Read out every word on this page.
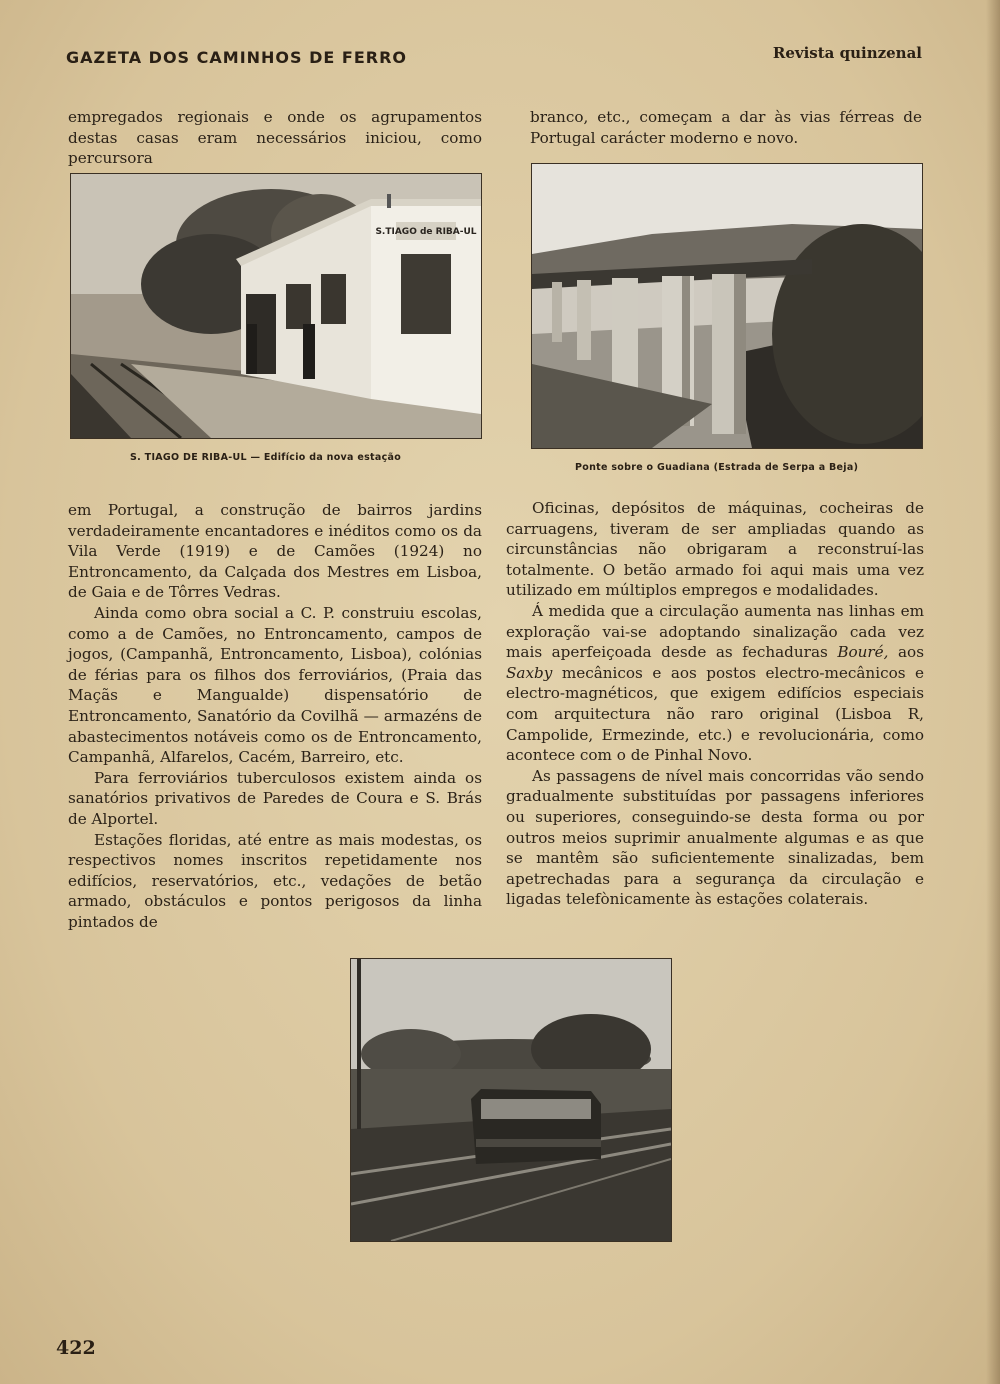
GAZETA DOS CAMINHOS DE FERRO	Revista quinzenal

empregados regionais e onde os agrupamentos destas casas eram necessários iniciou, como percursora

branco, etc., começam a dar às vias férreas de Portugal carácter moderno e novo.

S.TIAGO de RIBA-UL
S. TIAGO DE RIBA-UL — Edifício da nova estação
Ponte sobre o Guadiana (Estrada de Serpa a Beja)

em Portugal, a construção de bairros jardins verdadeiramente encantadores e inéditos como os da Vila Verde (1919) e de Camões (1924) no Entroncamento, da Calçada dos Mestres em Lisboa, de Gaia e de Tôrres Vedras.

Ainda como obra social a C. P. construiu escolas, como a de Camões, no Entroncamento, campos de jogos, (Campanhã, Entroncamento, Lisboa), colónias de férias para os filhos dos ferroviários, (Praia das Maçãs e Mangualde) dispensatório de Entroncamento, Sanatório da Covilhã — armazéns de abastecimentos notáveis como os de Entroncamento, Campanhã, Alfarelos, Cacém, Barreiro, etc.

Para ferroviários tuberculosos existem ainda os sanatórios privativos de Paredes de Coura e S. Brás de Alportel.

Estações floridas, até entre as mais modestas, os respectivos nomes inscritos repetidamente nos edifícios, reservatórios, etc., vedações de betão armado, obstáculos e pontos perigosos da linha pintados de

Oficinas, depósitos de máquinas, cocheiras de carruagens, tiveram de ser ampliadas quando as circunstâncias não obrigaram a reconstruí-las totalmente. O betão armado foi aqui mais uma vez utilizado em múltiplos empregos e modalidades.

Á medida que a circulação aumenta nas linhas em exploração vai-se adoptando sinalização cada vez mais aperfeiçoada desde as fechaduras Bouré, aos Saxby mecânicos e aos postos electro-mecânicos e electro-magnéticos, que exigem edifícios especiais com arquitectura não raro original (Lisboa R, Campolide, Ermezinde, etc.) e revolucionária, como acontece com o de Pinhal Novo.

As passagens de nível mais concorridas vão sendo gradualmente substituídas por passagens inferiores ou superiores, conseguindo-se desta forma ou por outros meios suprimir anualmente algumas e as que se mantêm são suficientemente sinalizadas, bem apetrechadas para a segurança da circulação e ligadas telefònicamente às estações colaterais.

422
